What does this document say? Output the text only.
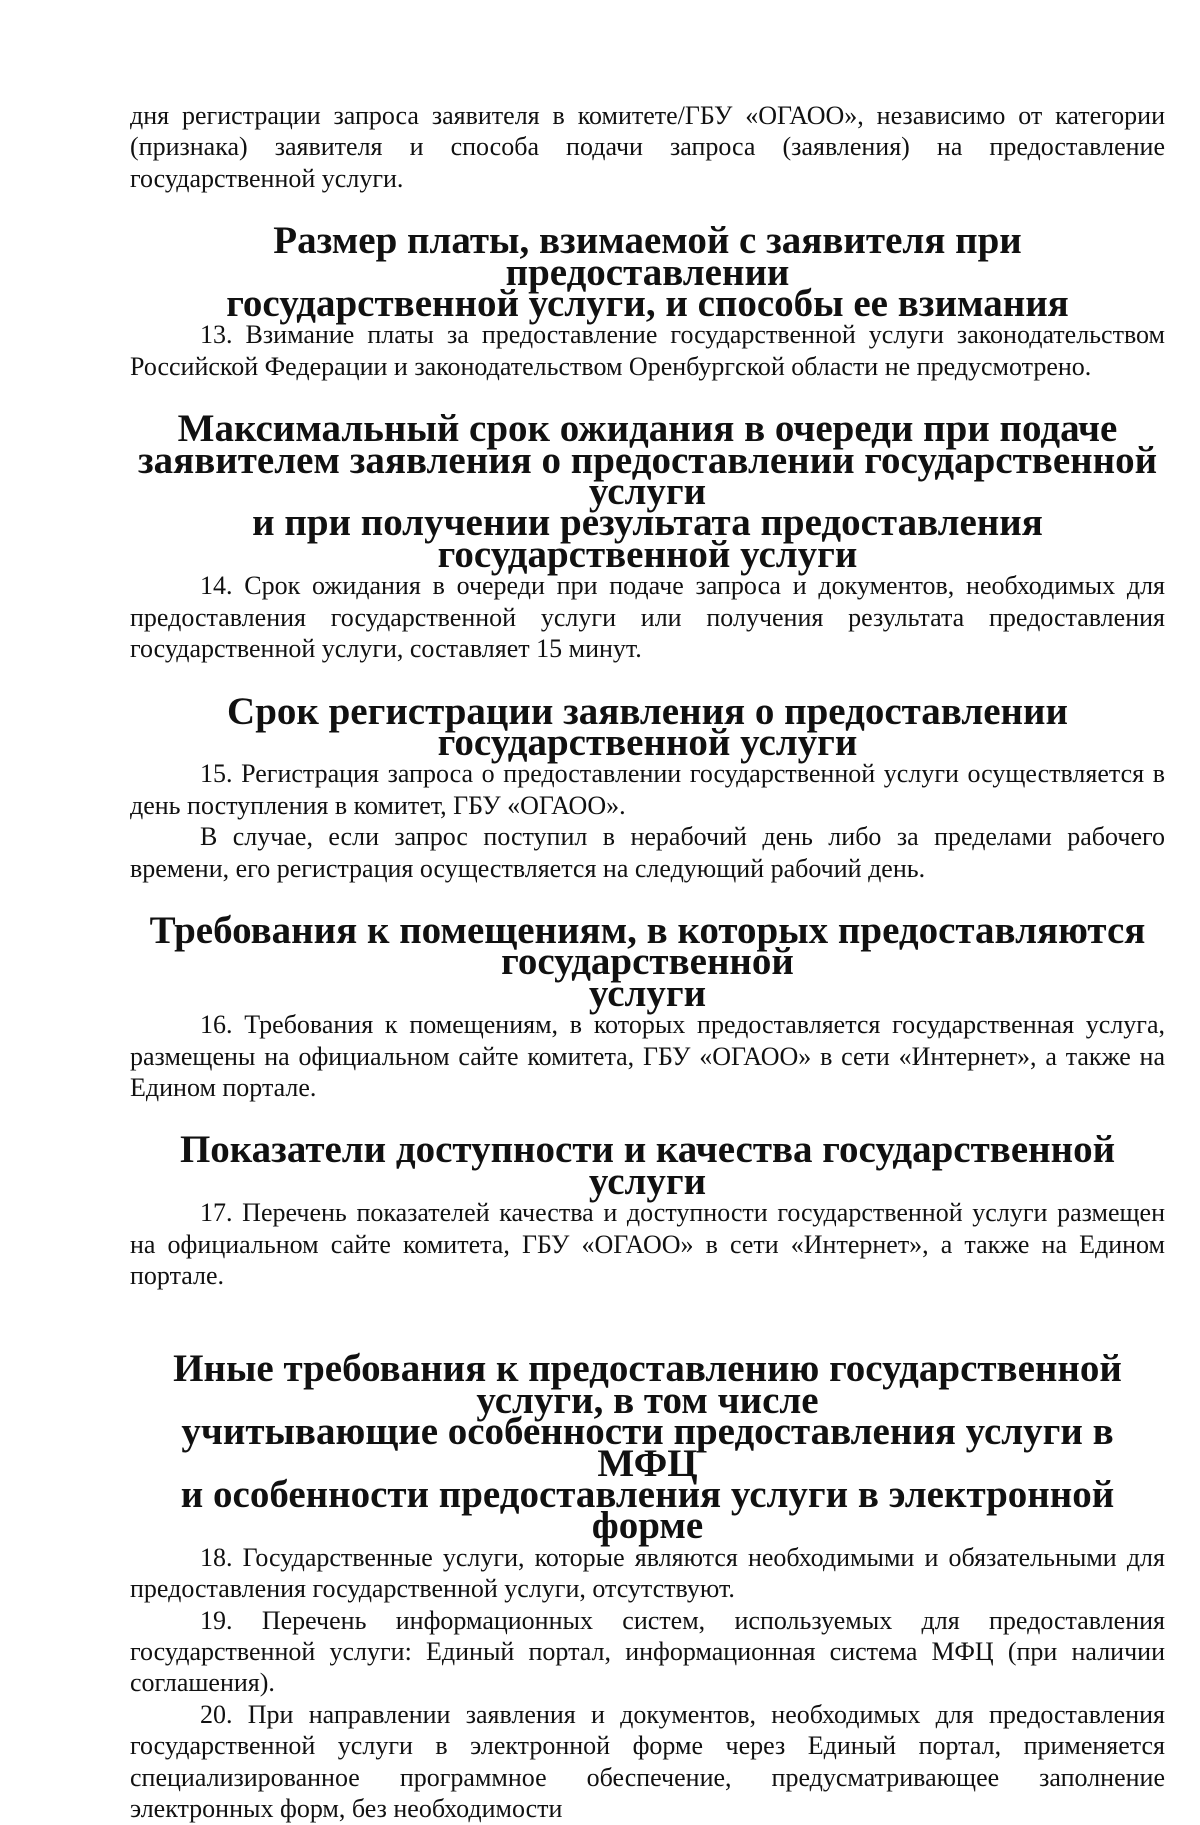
дня регистрации запроса заявителя в комитете/ГБУ «ОГАОО», независимо от категории (признака) заявителя и способа подачи запроса (заявления) на предоставление государственной услуги.

Размер платы, взимаемой с заявителя при предоставлении
государственной услуги, и способы ее взимания

13. Взимание платы за предоставление государственной услуги законодательством Российской Федерации и законодательством Оренбургской области не предусмотрено.

Максимальный срок ожидания в очереди при подаче
заявителем заявления о предоставлении государственной услуги
и при получении результата предоставления государственной услуги

14. Срок ожидания в очереди при подаче запроса и документов, необходимых для предоставления государственной услуги или получения результата предоставления государственной услуги, составляет 15 минут.

Срок регистрации заявления о предоставлении государственной услуги

15. Регистрация запроса о предоставлении государственной услуги осуществляется в день поступления в комитет, ГБУ «ОГАОО».

В случае, если запрос поступил в нерабочий день либо за пределами рабочего времени, его регистрация осуществляется на следующий рабочий день.

Требования к помещениям, в которых предоставляются государственной
услуги

16. Требования к помещениям, в которых предоставляется государственная услуга, размещены на официальном сайте комитета, ГБУ «ОГАОО» в сети «Интернет», а также на Едином портале.

Показатели доступности и качества государственной услуги

17. Перечень показателей качества и доступности государственной услуги размещен на официальном сайте комитета, ГБУ «ОГАОО» в сети «Интернет», а также на Едином портале.

Иные требования к предоставлению государственной услуги, в том числе
учитывающие особенности предоставления услуги в МФЦ
и особенности предоставления услуги в электронной форме

18. Государственные услуги, которые являются необходимыми и обязательными для предоставления государственной услуги, отсутствуют.

19. Перечень информационных систем, используемых для предоставления государственной услуги: Единый портал, информационная система МФЦ (при наличии соглашения).

20. При направлении заявления и документов, необходимых для предоставления государственной услуги в электронной форме через Единый портал, применяется специализированное программное обеспечение, предусматривающее заполнение электронных форм, без необходимости
